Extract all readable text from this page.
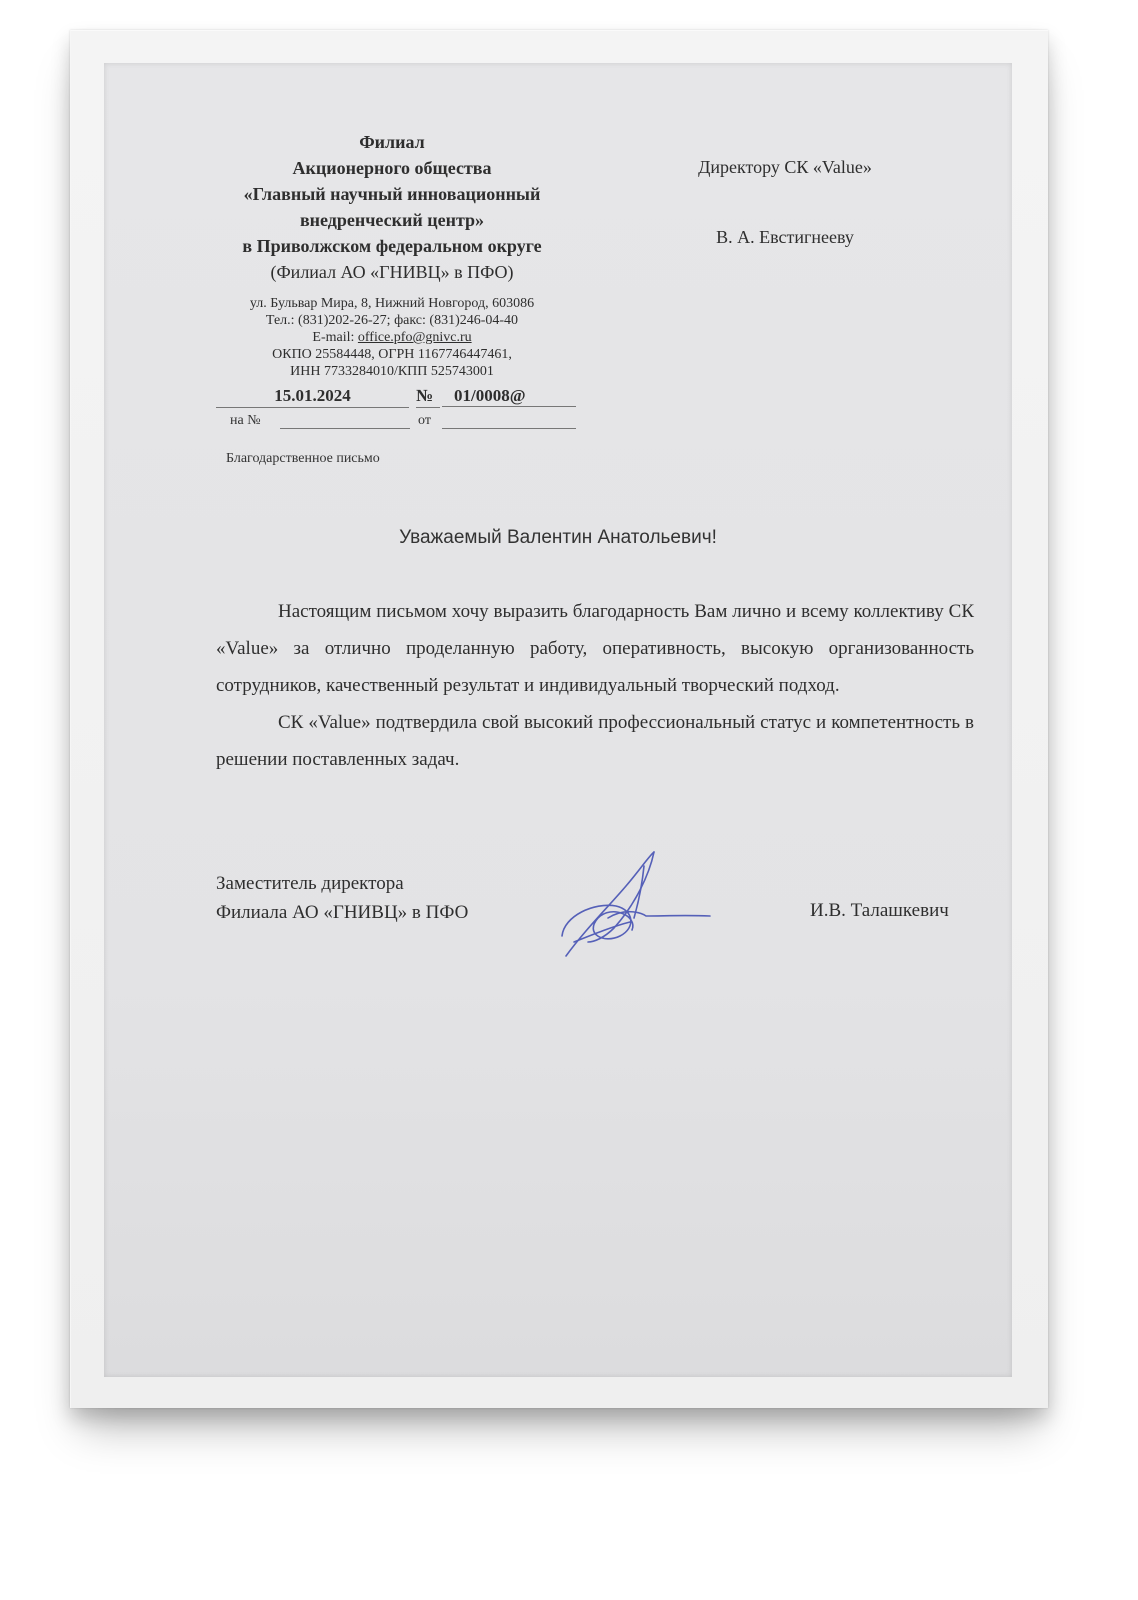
Филиал
Акционерного общества
«Главный научный инновационный
внедренческий центр»
в Приволжском федеральном округе
(Филиал АО «ГНИВЦ» в ПФО)
ул. Бульвар Мира, 8, Нижний Новгород, 603086
Тел.: (831)202-26-27; факс: (831)246-04-40
E-mail: office.pfo@gnivc.ru
ОКПО 25584448, ОГРН 1167746447461,
ИНН 7733284010/КПП 525743001
15.01.2024	№	01/0008@
на №	от
Директору СК «Value»
В. А. Евстигнееву
Благодарственное письмо
Уважаемый Валентин Анатольевич!

Настоящим письмом хочу выразить благодарность Вам лично и всему коллективу СК «Value» за отлично проделанную работу, оперативность, высокую организованность сотрудников, качественный результат и индивидуальный творческий подход.

СК «Value» подтвердила свой высокий профессиональный статус и компетентность в решении поставленных задач.

Заместитель директора
Филиала АО «ГНИВЦ» в ПФО	И.В. Талашкевич
